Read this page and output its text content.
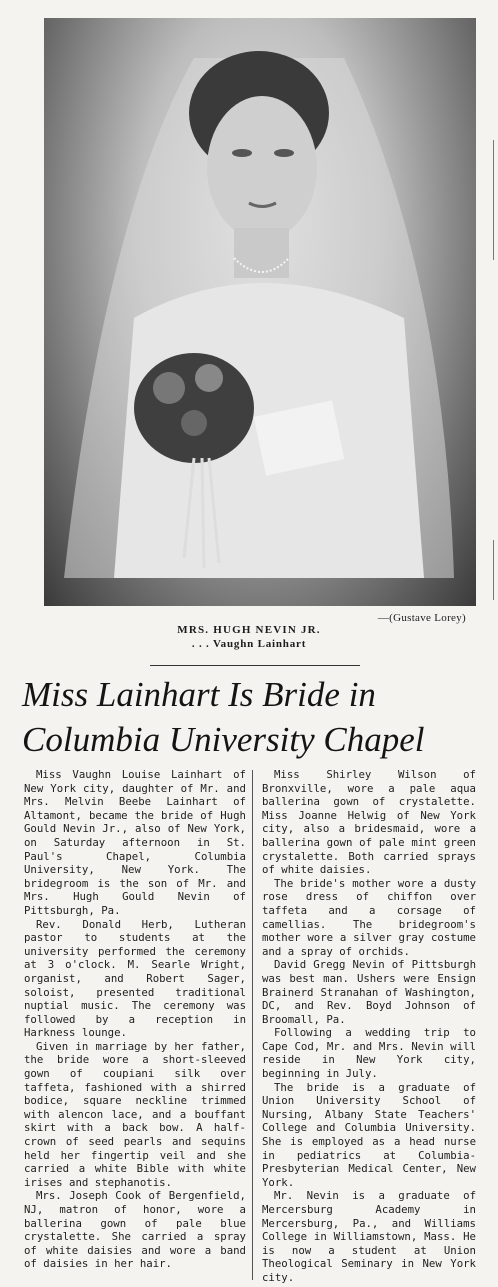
—(Gustave Lorey)
MRS. HUGH NEVIN JR.
. . . Vaughn Lainhart
Miss Lainhart Is Bride in
Columbia University Chapel

Miss Vaughn Louise Lainhart of New York city, daughter of Mr. and Mrs. Melvin Beebe Lainhart of Altamont, became the bride of Hugh Gould Nevin Jr., also of New York, on Saturday afternoon in St. Paul's Chapel, Columbia University, New York. The bridegroom is the son of Mr. and Mrs. Hugh Gould Nevin of Pittsburgh, Pa.

Rev. Donald Herb, Lutheran pastor to students at the university performed the ceremony at 3 o'clock. M. Searle Wright, organist, and Robert Sager, soloist, presented traditional nuptial music. The ceremony was followed by a reception in Harkness lounge.

Given in marriage by her father, the bride wore a short-sleeved gown of coupiani silk over taffeta, fashioned with a shirred bodice, square neckline trimmed with alencon lace, and a bouffant skirt with a back bow. A half-crown of seed pearls and sequins held her fingertip veil and she carried a white Bible with white irises and stephanotis.

Mrs. Joseph Cook of Bergenfield, NJ, matron of honor, wore a ballerina gown of pale blue crystalette. She carried a spray of white daisies and wore a band of daisies in her hair.

Miss Shirley Wilson of Bronxville, wore a pale aqua ballerina gown of crystalette. Miss Joanne Helwig of New York city, also a bridesmaid, wore a ballerina gown of pale mint green crystalette. Both carried sprays of white daisies.

The bride's mother wore a dusty rose dress of chiffon over taffeta and a corsage of camellias. The bridegroom's mother wore a silver gray costume and a spray of orchids.

David Gregg Nevin of Pittsburgh was best man. Ushers were Ensign Brainerd Stranahan of Washington, DC, and Rev. Boyd Johnson of Broomall, Pa.

Following a wedding trip to Cape Cod, Mr. and Mrs. Nevin will reside in New York city, beginning in July.

The bride is a graduate of Union University School of Nursing, Albany State Teachers' College and Columbia University. She is employed as a head nurse in pediatrics at Columbia-Presbyterian Medical Center, New York.

Mr. Nevin is a graduate of Mercersburg Academy in Mercersburg, Pa., and Williams College in Williamstown, Mass. He is now a student at Union Theological Seminary in New York city.
